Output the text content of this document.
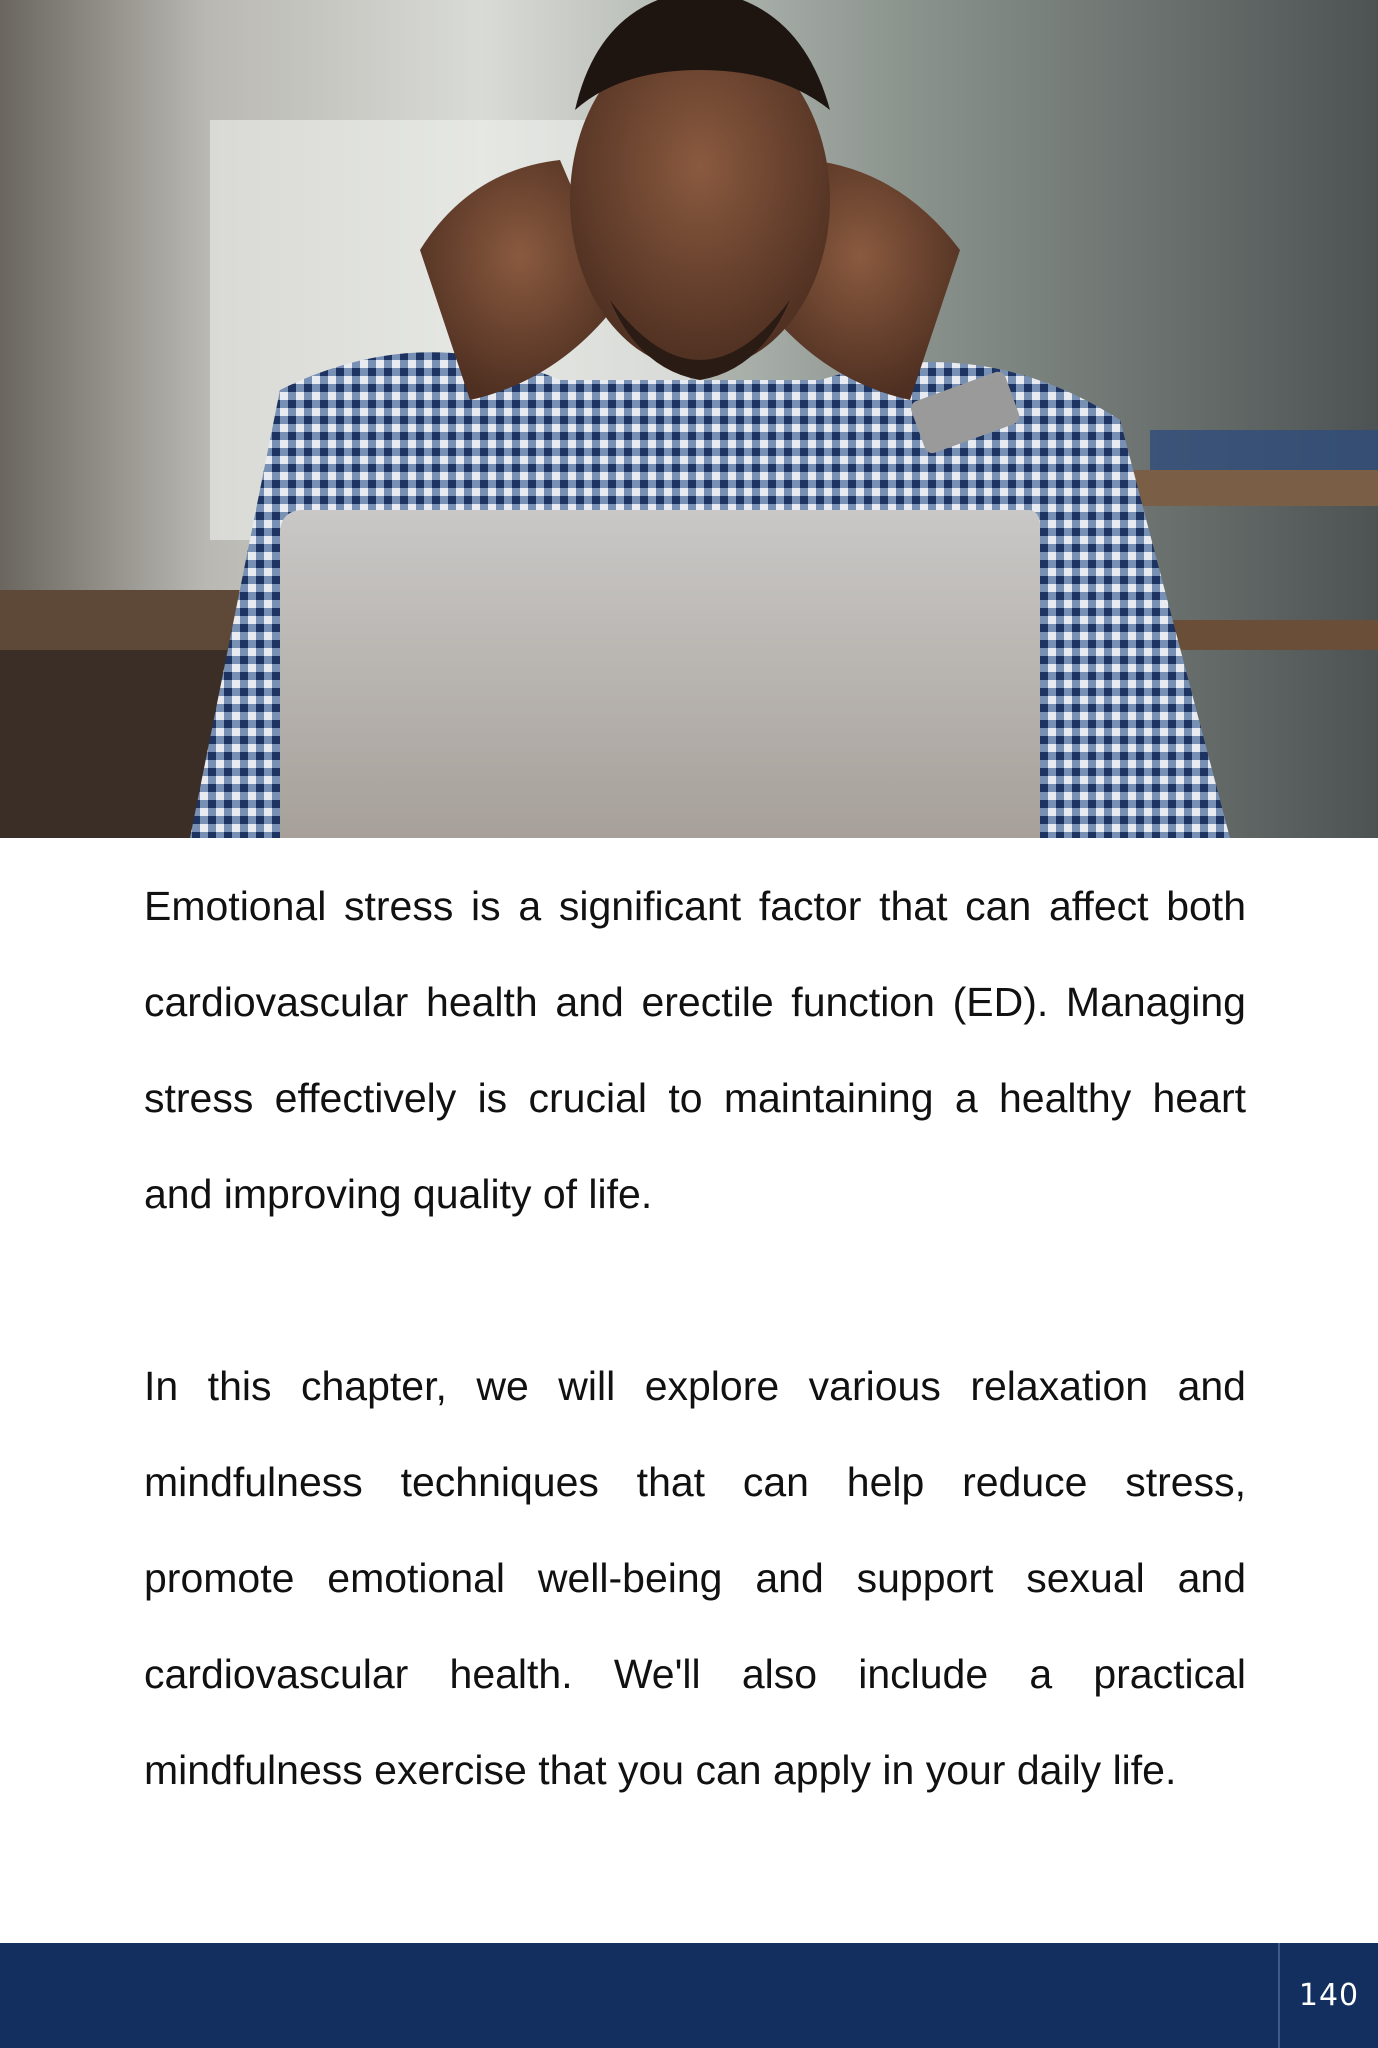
Emotional stress is a significant factor that can affect both cardiovascular health and erectile function (ED). Managing stress effectively is crucial to maintaining a healthy heart and improving quality of life.

In this chapter, we will explore various relaxation and mindfulness techniques that can help reduce stress, promote emotional well-being and support sexual and cardiovascular health. We'll also include a practical mindfulness exercise that you can apply in your daily life.

140
